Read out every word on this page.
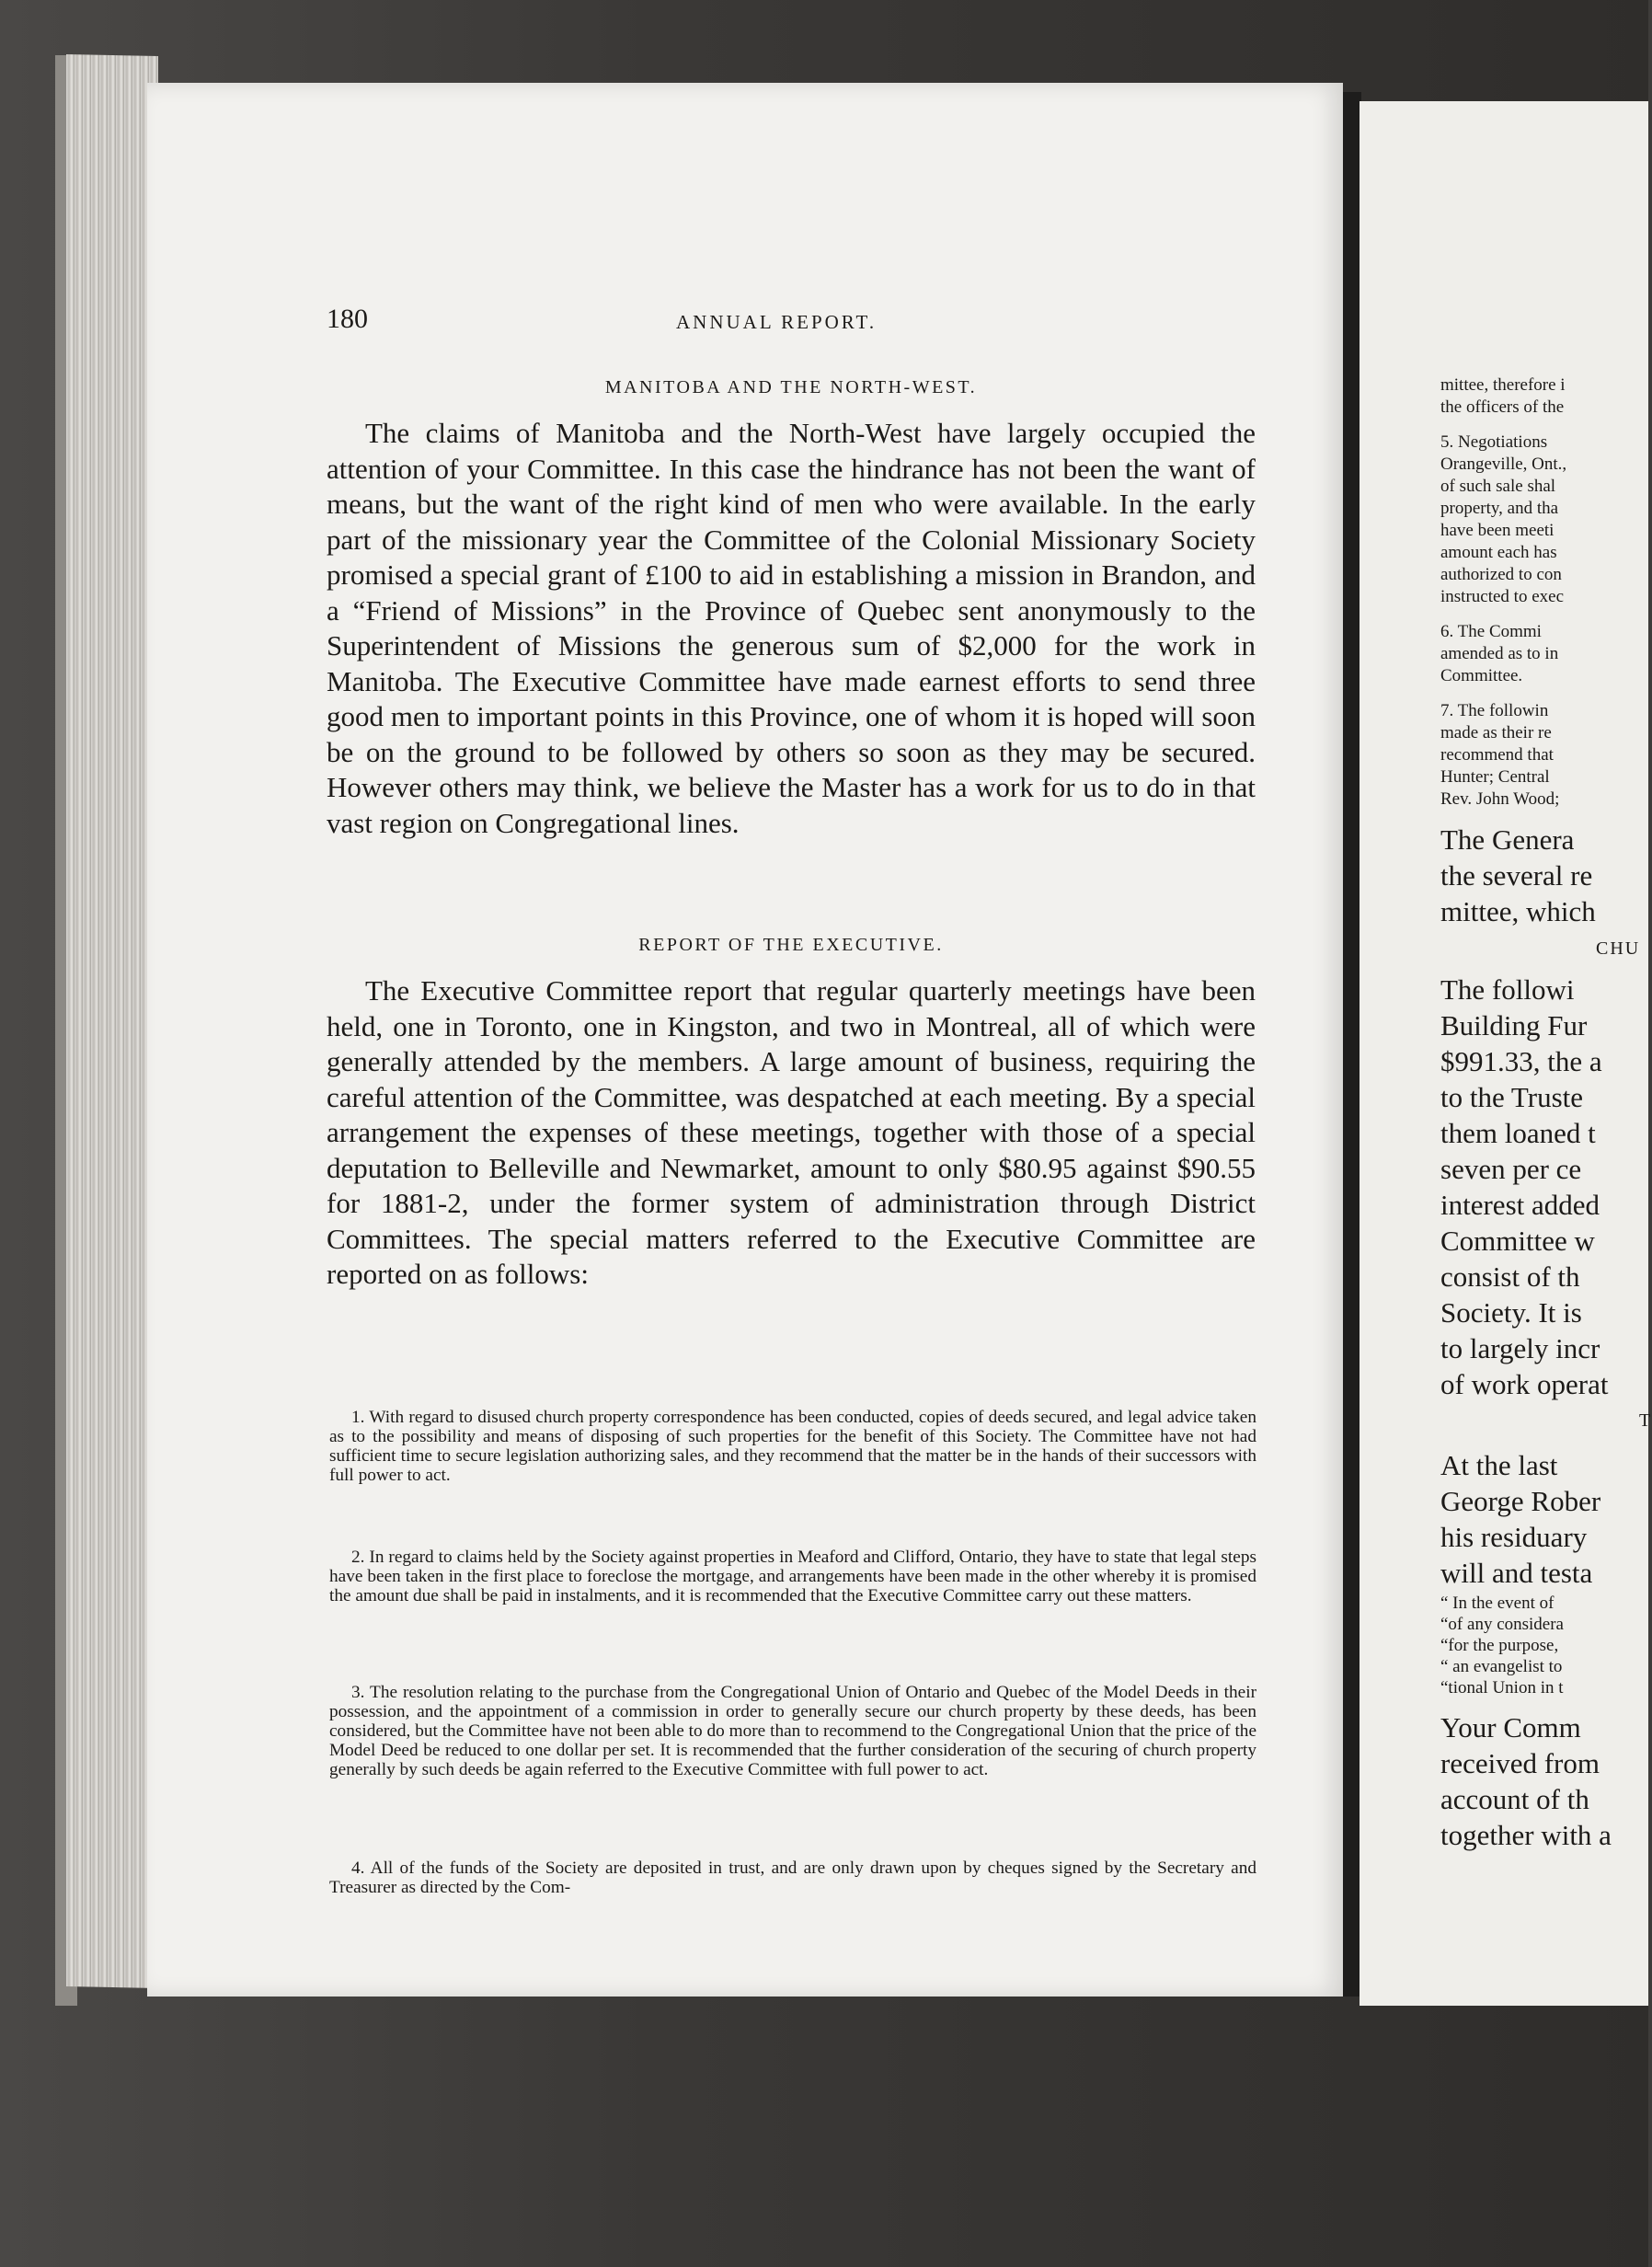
180	ANNUAL REPORT.
MANITOBA AND THE NORTH-WEST.
The claims of Manitoba and the North-West have largely occupied the attention of your Committee. In this case the hindrance has not been the want of means, but the want of the right kind of men who were available. In the early part of the missionary year the Committee of the Colonial Missionary Society promised a special grant of £100 to aid in establishing a mission in Brandon, and a “Friend of Missions” in the Province of Quebec sent anonymously to the Superintendent of Missions the generous sum of $2,000 for the work in Manitoba. The Executive Committee have made earnest efforts to send three good men to important points in this Province, one of whom it is hoped will soon be on the ground to be followed by others so soon as they may be secured. However others may think, we believe the Master has a work for us to do in that vast region on Congregational lines.
REPORT OF THE EXECUTIVE.
The Executive Committee report that regular quarterly meetings have been held, one in Toronto, one in Kingston, and two in Montreal, all of which were generally attended by the members. A large amount of business, requiring the careful attention of the Committee, was despatched at each meeting. By a special arrangement the expenses of these meetings, together with those of a special deputation to Belleville and Newmarket, amount to only $80.95 against $90.55 for 1881-2, under the former system of administration through District Committees. The special matters referred to the Executive Committee are reported on as follows:
1. With regard to disused church property correspondence has been conducted, copies of deeds secured, and legal advice taken as to the possibility and means of disposing of such properties for the benefit of this Society. The Committee have not had sufficient time to secure legislation authorizing sales, and they recommend that the matter be in the hands of their successors with full power to act.
2. In regard to claims held by the Society against properties in Meaford and Clifford, Ontario, they have to state that legal steps have been taken in the first place to foreclose the mortgage, and arrangements have been made in the other whereby it is promised the amount due shall be paid in instalments, and it is recommended that the Executive Committee carry out these matters.
3. The resolution relating to the purchase from the Congregational Union of Ontario and Quebec of the Model Deeds in their possession, and the appointment of a commission in order to generally secure our church property by these deeds, has been considered, but the Committee have not been able to do more than to recommend to the Congregational Union that the price of the Model Deed be reduced to one dollar per set. It is recommended that the further consideration of the securing of church property generally by such deeds be again referred to the Executive Committee with full power to act.
4. All of the funds of the Society are deposited in trust, and are only drawn upon by cheques signed by the Secretary and Treasurer as directed by the Com-
mittee, therefore i
the officers of the
5. Negotiations
Orangeville, Ont.,
of such sale shal
property, and tha
have been meeti
amount each has
authorized to con
instructed to exec
6. The Commi
amended as to in
Committee.
7. The followin
made as their re
recommend that
Hunter; Central
Rev. John Wood;
The Genera
the several re
mittee, which
CHU
The followi
Building Fur
$991.33, the a
to the Truste
them loaned t
seven per ce
interest added
Committee w
consist of th
Society. It is
to largely incr
of work operat
T
At the last
George Rober
his residuary
will and testa
“ In the event of
“of any considera
“for the purpose,
“ an evangelist to
“tional Union in t
Your Comm
received from
account of th
together with a
